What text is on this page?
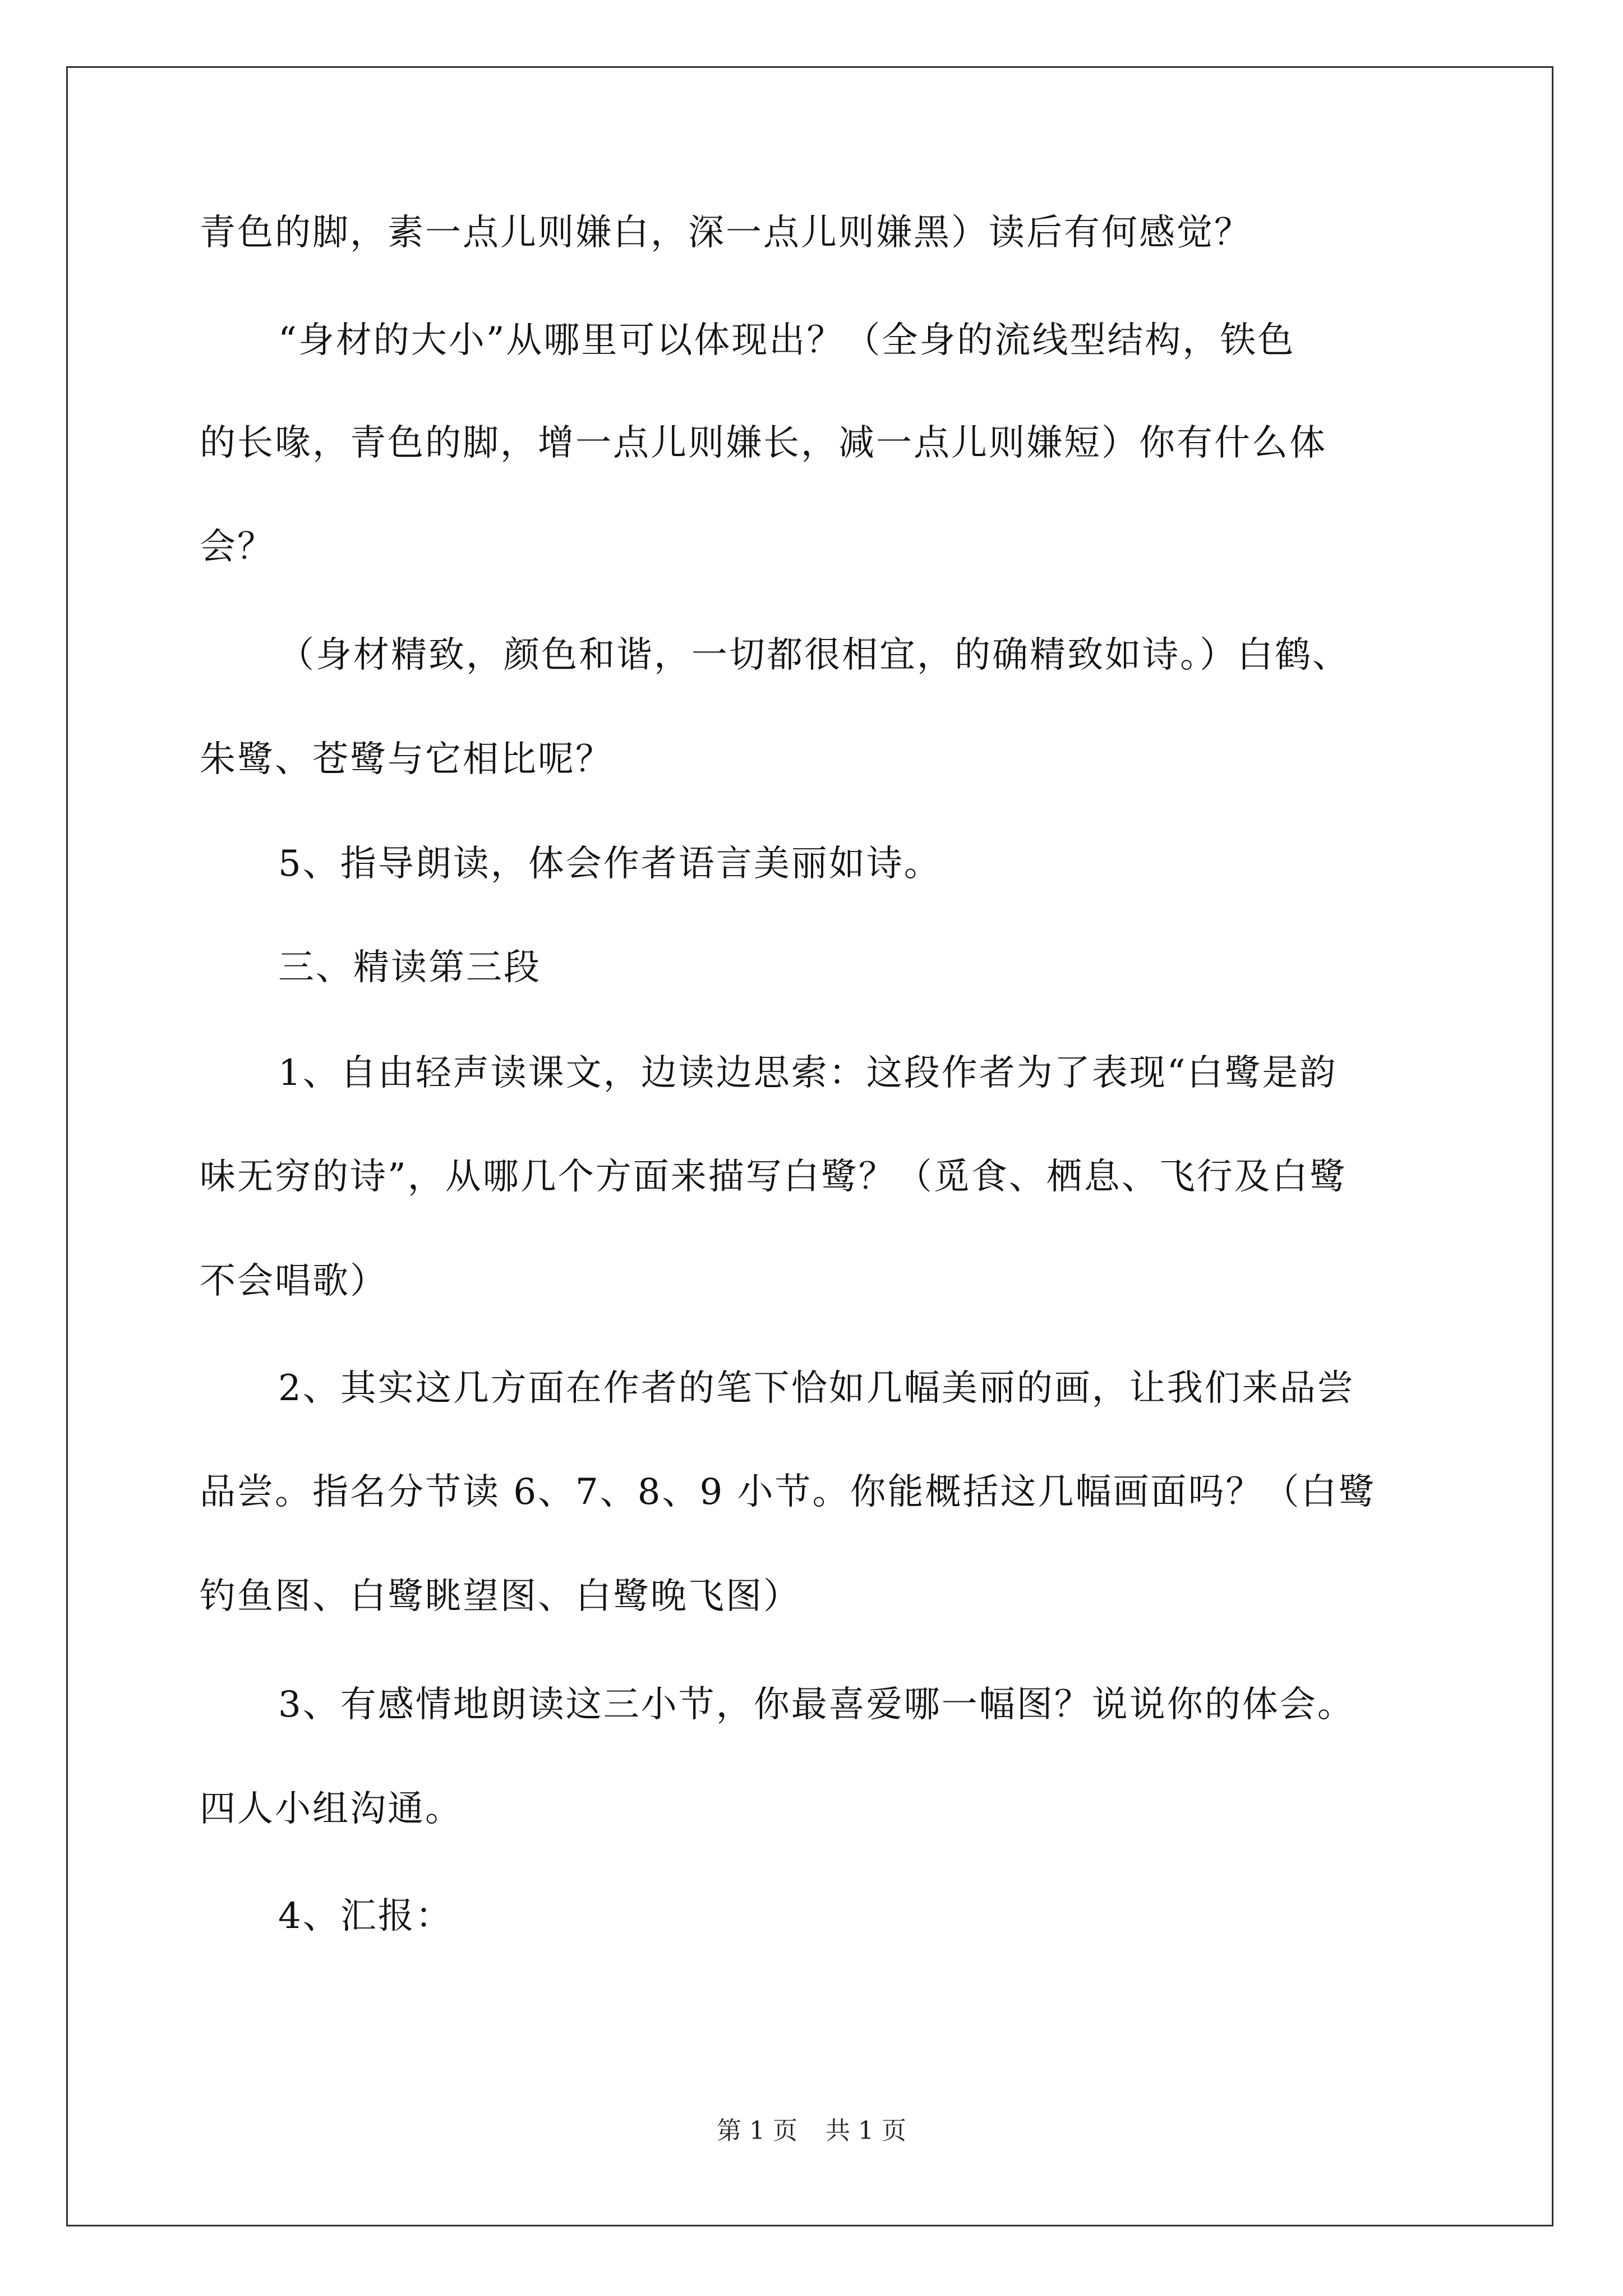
青色的脚，素一点儿则嫌白，深一点儿则嫌黑）读后有何感觉？
“身材的大小”从哪里可以体现出？（全身的流线型结构，铁色
的长喙，青色的脚，增一点儿则嫌长，减一点儿则嫌短）你有什么体
会？
（身材精致，颜色和谐，一切都很相宜，的确精致如诗。）白鹤、
朱鹭、苍鹭与它相比呢？
5、指导朗读，体会作者语言美丽如诗。
三、精读第三段
1、自由轻声读课文，边读边思索：这段作者为了表现“白鹭是韵
味无穷的诗”，从哪几个方面来描写白鹭？（觅食、栖息、飞行及白鹭
不会唱歌）
2、其实这几方面在作者的笔下恰如几幅美丽的画，让我们来品尝
品尝。指名分节读 6、7、8、9 小节。你能概括这几幅画面吗？（白鹭
钓鱼图、白鹭眺望图、白鹭晚飞图）
3、有感情地朗读这三小节，你最喜爱哪一幅图？说说你的体会。
四人小组沟通。
4、汇报：
第 1 页 共 1 页
